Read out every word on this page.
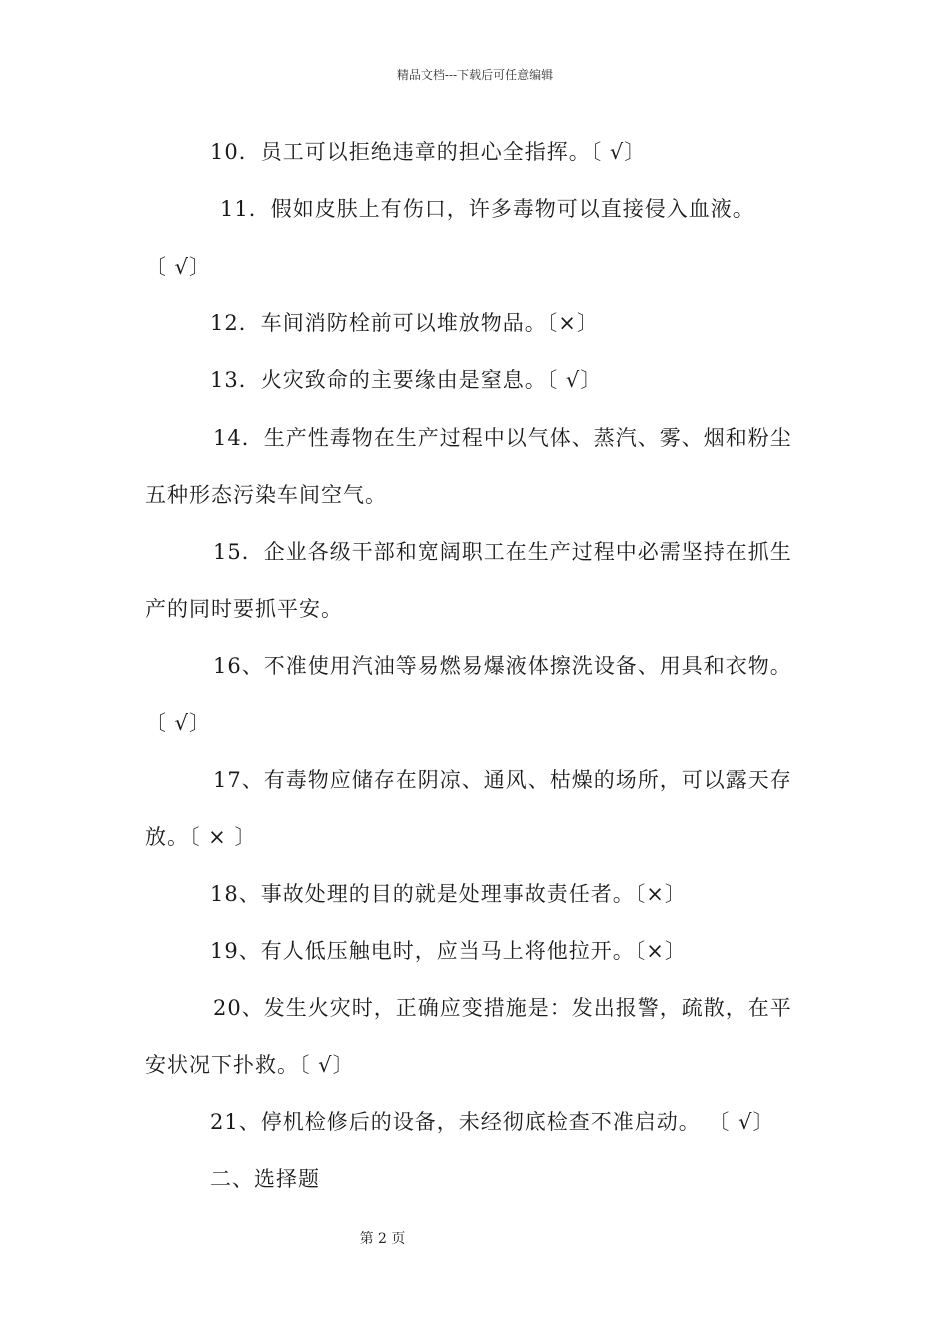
精品文档---下载后可任意编辑
10．员工可以拒绝违章的担心全指挥。〔 √〕
11．假如皮肤上有伤口，许多毒物可以直接侵入血液。
〔 √〕
12．车间消防栓前可以堆放物品。〔×〕
13．火灾致命的主要缘由是窒息。〔 √〕
14．生产性毒物在生产过程中以气体、蒸汽、雾、烟和粉尘
五种形态污染车间空气。
15．企业各级干部和宽阔职工在生产过程中必需坚持在抓生
产的同时要抓平安。
16、不准使用汽油等易燃易爆液体擦洗设备、用具和衣物。
〔 √〕
17、有毒物应储存在阴凉、通风、枯燥的场所，可以露天存
放。〔 × 〕
18、事故处理的目的就是处理事故责任者。〔×〕
19、有人低压触电时，应当马上将他拉开。〔×〕
20、发生火灾时，正确应变措施是：发出报警，疏散，在平
安状况下扑救。〔 √〕
21、停机检修后的设备，未经彻底检查不准启动。 〔 √〕
二、选择题
第 2 页
